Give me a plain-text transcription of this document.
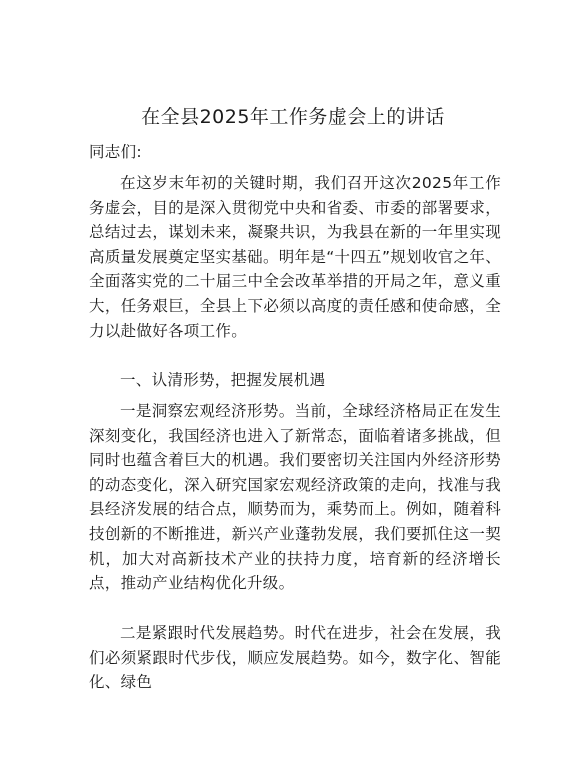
在全县2025年工作务虚会上的讲话
同志们:
在这岁末年初的关键时期，我们召开这次2025年工作务虚会，目的是深入贯彻党中央和省委、市委的部署要求，总结过去，谋划未来，凝聚共识，为我县在新的一年里实现高质量发展奠定坚实基础。明年是“十四五”规划收官之年、全面落实党的二十届三中全会改革举措的开局之年，意义重大，任务艰巨，全县上下必须以高度的责任感和使命感，全力以赴做好各项工作。
一、认清形势，把握发展机遇
一是洞察宏观经济形势。当前，全球经济格局正在发生深刻变化，我国经济也进入了新常态，面临着诸多挑战，但同时也蕴含着巨大的机遇。我们要密切关注国内外经济形势的动态变化，深入研究国家宏观经济政策的走向，找准与我县经济发展的结合点，顺势而为，乘势而上。例如，随着科技创新的不断推进，新兴产业蓬勃发展，我们要抓住这一契机，加大对高新技术产业的扶持力度，培育新的经济增长点，推动产业结构优化升级。
二是紧跟时代发展趋势。时代在进步，社会在发展，我们必须紧跟时代步伐，顺应发展趋势。如今，数字化、智能化、绿色
